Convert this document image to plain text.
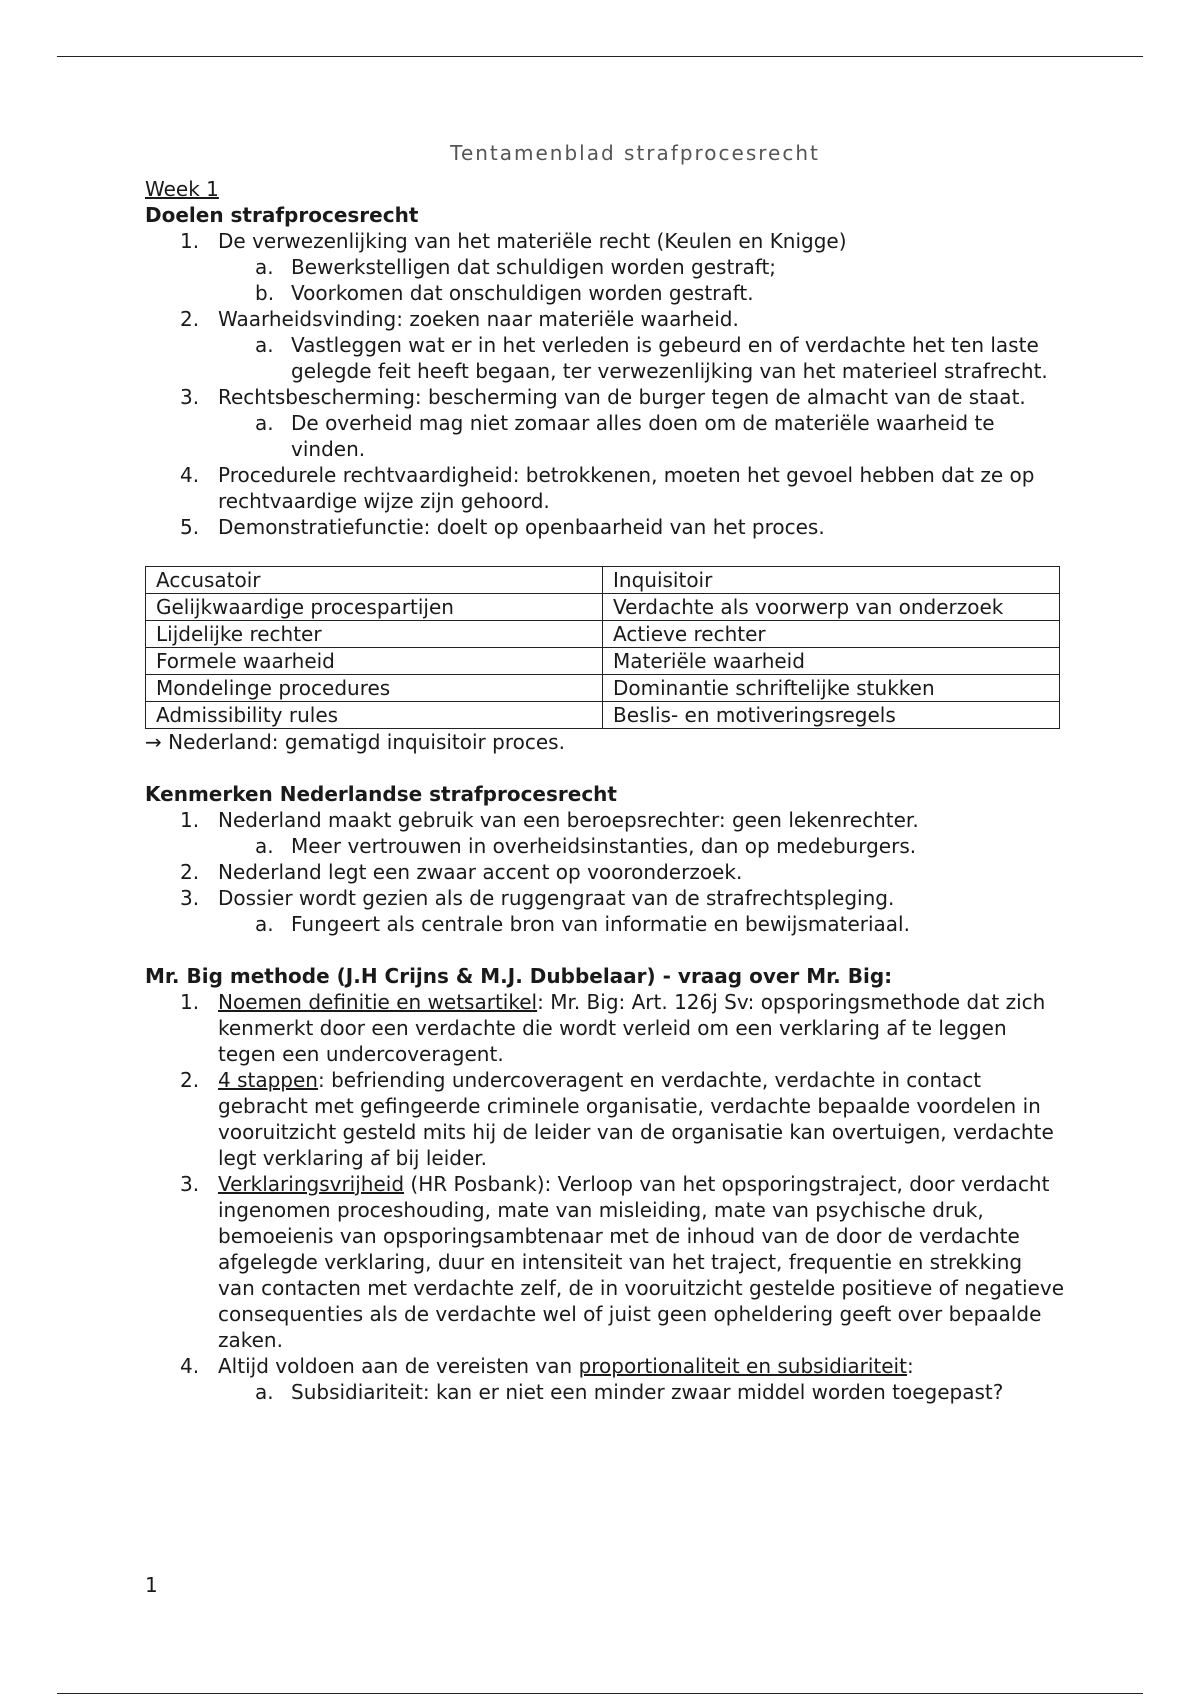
Tentamenblad strafprocesrecht
Week 1
Doelen strafprocesrecht
1. De verwezenlijking van het materiële recht (Keulen en Knigge)
a. Bewerkstelligen dat schuldigen worden gestraft;
b. Voorkomen dat onschuldigen worden gestraft.
2. Waarheidsvinding: zoeken naar materiële waarheid.
a. Vastleggen wat er in het verleden is gebeurd en of verdachte het ten laste gelegde feit heeft begaan, ter verwezenlijking van het materieel strafrecht.
3. Rechtsbescherming: bescherming van de burger tegen de almacht van de staat.
a. De overheid mag niet zomaar alles doen om de materiële waarheid te vinden.
4. Procedurele rechtvaardigheid: betrokkenen, moeten het gevoel hebben dat ze op rechtvaardige wijze zijn gehoord.
5. Demonstratiefunctie: doelt op openbaarheid van het proces.
Accusatoir	Inquisitoir
Gelijkwaardige procespartijen	Verdachte als voorwerp van onderzoek
Lijdelijke rechter	Actieve rechter
Formele waarheid	Materiële waarheid
Mondelinge procedures	Dominantie schriftelijke stukken
Admissibility rules	Beslis- en motiveringsregels
→ Nederland: gematigd inquisitoir proces.
Kenmerken Nederlandse strafprocesrecht
1. Nederland maakt gebruik van een beroepsrechter: geen lekenrechter.
a. Meer vertrouwen in overheidsinstanties, dan op medeburgers.
2. Nederland legt een zwaar accent op vooronderzoek.
3. Dossier wordt gezien als de ruggengraat van de strafrechtspleging.
a. Fungeert als centrale bron van informatie en bewijsmateriaal.
Mr. Big methode (J.H Crijns & M.J. Dubbelaar) - vraag over Mr. Big:
1. Noemen definitie en wetsartikel: Mr. Big: Art. 126j Sv: opsporingsmethode dat zich kenmerkt door een verdachte die wordt verleid om een verklaring af te leggen tegen een undercoveragent.
2. 4 stappen: befriending undercoveragent en verdachte, verdachte in contact gebracht met gefingeerde criminele organisatie, verdachte bepaalde voordelen in vooruitzicht gesteld mits hij de leider van de organisatie kan overtuigen, verdachte legt verklaring af bij leider.
3. Verklaringsvrijheid (HR Posbank): Verloop van het opsporingstraject, door verdacht ingenomen proceshouding, mate van misleiding, mate van psychische druk, bemoeienis van opsporingsambtenaar met de inhoud van de door de verdachte afgelegde verklaring, duur en intensiteit van het traject, frequentie en strekking van contacten met verdachte zelf, de in vooruitzicht gestelde positieve of negatieve consequenties als de verdachte wel of juist geen opheldering geeft over bepaalde zaken.
4. Altijd voldoen aan de vereisten van proportionaliteit en subsidiariteit:
a. Subsidiariteit: kan er niet een minder zwaar middel worden toegepast?
1
